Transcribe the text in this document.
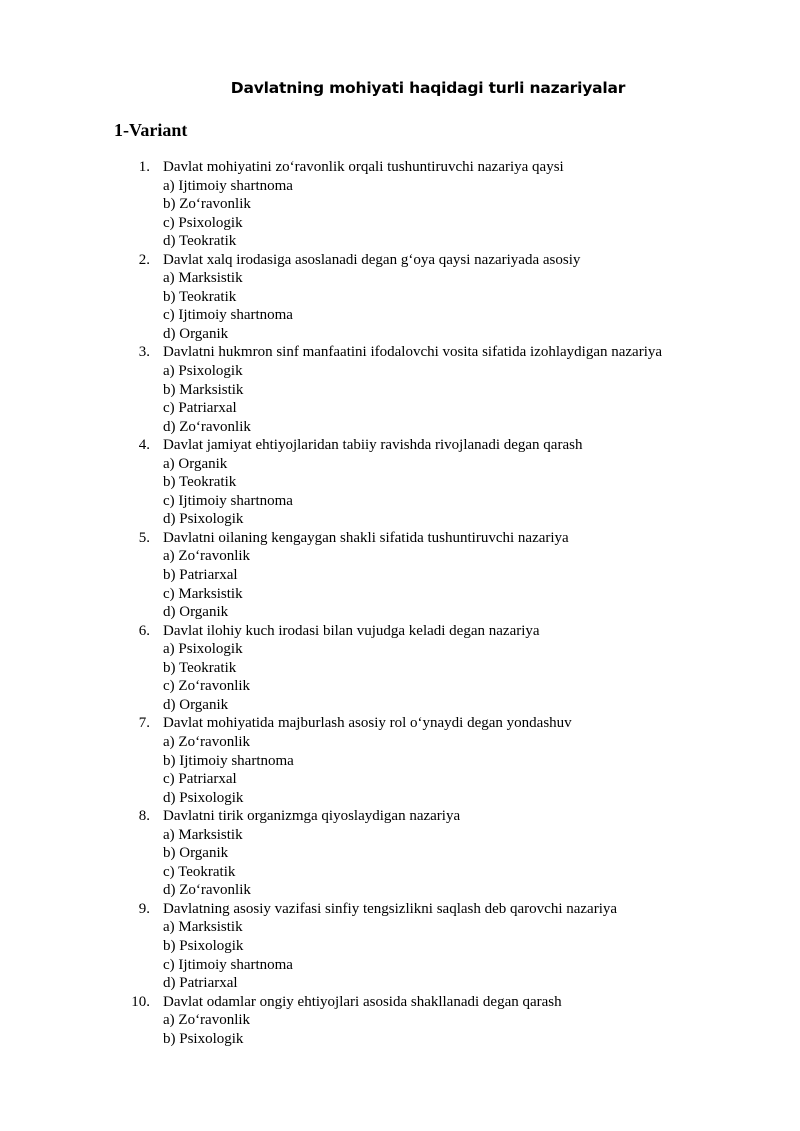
Davlatning mohiyati haqidagi turli nazariyalar
1-Variant
1. Davlat mohiyatini zo‘ravonlik orqali tushuntiruvchi nazariya qaysi
a) Ijtimoiy shartnoma
b) Zo‘ravonlik
c) Psixologik
d) Teokratik
2. Davlat xalq irodasiga asoslanadi degan g‘oya qaysi nazariyada asosiy
a) Marksistik
b) Teokratik
c) Ijtimoiy shartnoma
d) Organik
3. Davlatni hukmron sinf manfaatini ifodalovchi vosita sifatida izohlaydigan nazariya
a) Psixologik
b) Marksistik
c) Patriarxal
d) Zo‘ravonlik
4. Davlat jamiyat ehtiyojlaridan tabiiy ravishda rivojlanadi degan qarash
a) Organik
b) Teokratik
c) Ijtimoiy shartnoma
d) Psixologik
5. Davlatni oilaning kengaygan shakli sifatida tushuntiruvchi nazariya
a) Zo‘ravonlik
b) Patriarxal
c) Marksistik
d) Organik
6. Davlat ilohiy kuch irodasi bilan vujudga keladi degan nazariya
a) Psixologik
b) Teokratik
c) Zo‘ravonlik
d) Organik
7. Davlat mohiyatida majburlash asosiy rol o‘ynaydi degan yondashuv
a) Zo‘ravonlik
b) Ijtimoiy shartnoma
c) Patriarxal
d) Psixologik
8. Davlatni tirik organizmga qiyoslaydigan nazariya
a) Marksistik
b) Organik
c) Teokratik
d) Zo‘ravonlik
9. Davlatning asosiy vazifasi sinfiy tengsizlikni saqlash deb qarovchi nazariya
a) Marksistik
b) Psixologik
c) Ijtimoiy shartnoma
d) Patriarxal
10. Davlat odamlar ongiy ehtiyojlari asosida shakllanadi degan qarash
a) Zo‘ravonlik
b) Psixologik
